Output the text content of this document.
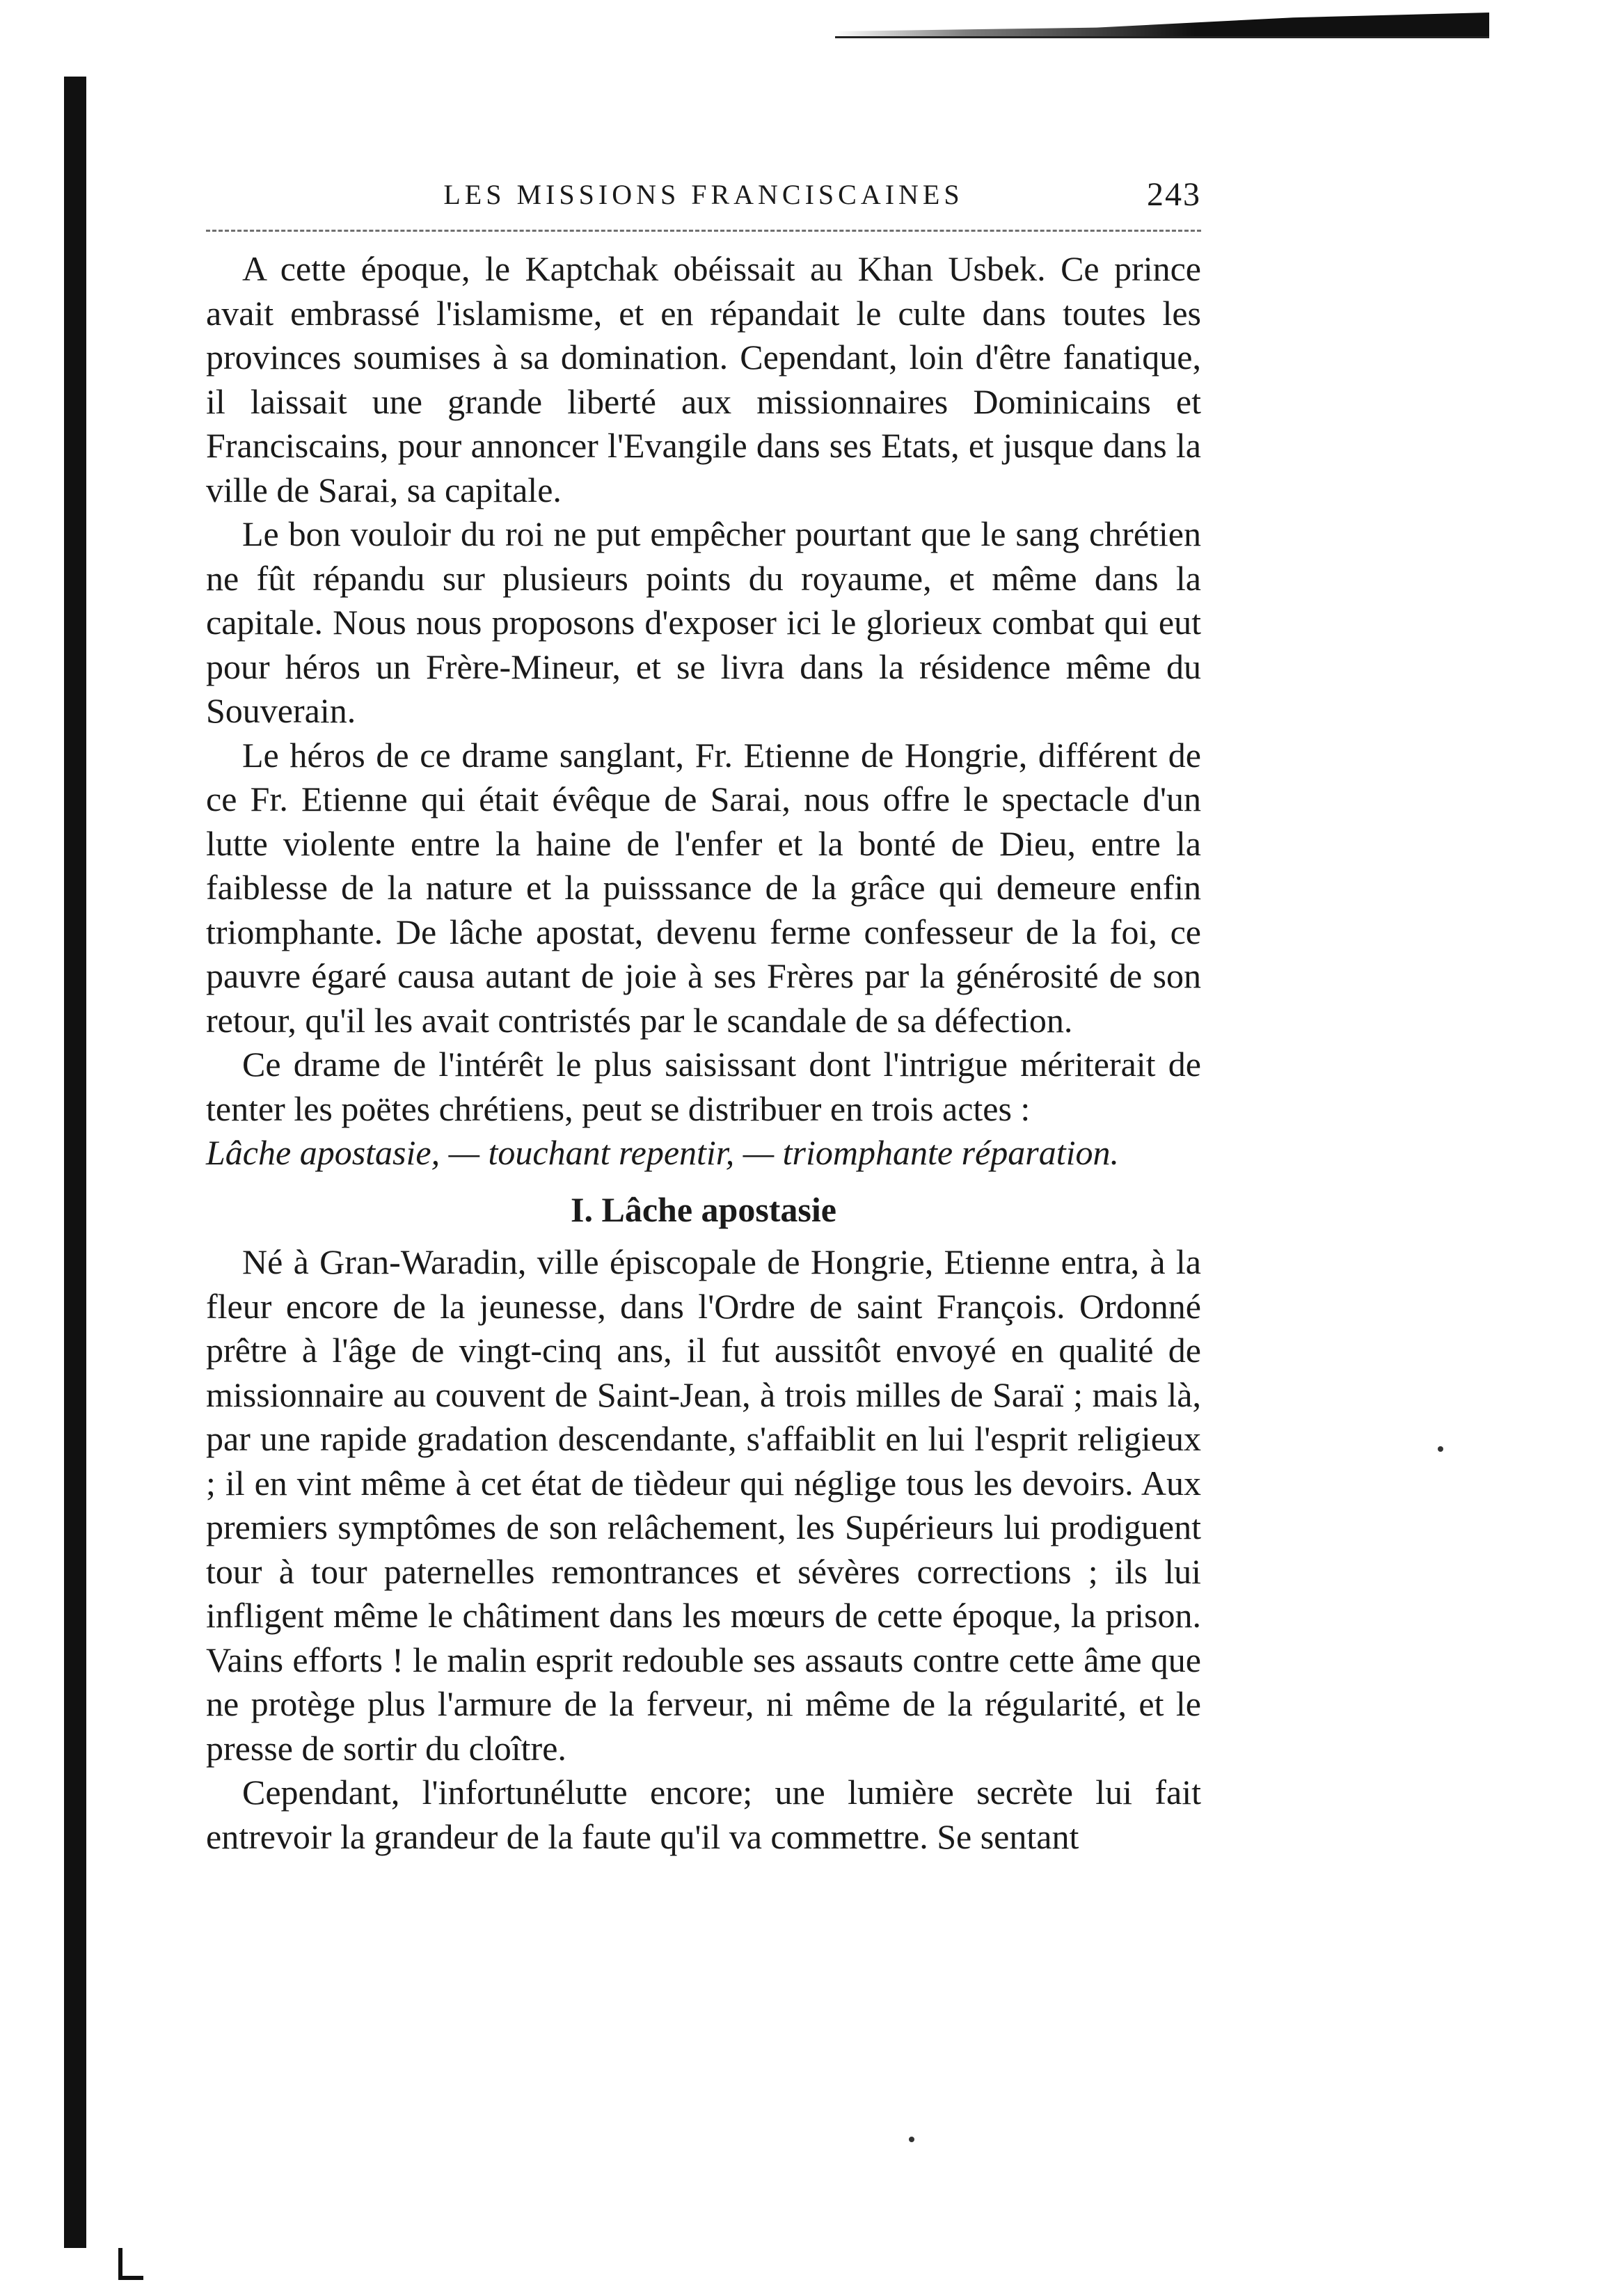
LES MISSIONS FRANCISCAINES	243

A cette époque, le Kaptchak obéissait au Khan Usbek. Ce prince avait embrassé l'islamisme, et en répandait le culte dans toutes les provinces soumises à sa domination. Cependant, loin d'être fanatique, il laissait une grande liberté aux missionnaires Dominicains et Franciscains, pour annoncer l'Evangile dans ses Etats, et jusque dans la ville de Sarai, sa capitale.

Le bon vouloir du roi ne put empêcher pourtant que le sang chrétien ne fût répandu sur plusieurs points du royaume, et même dans la capitale. Nous nous proposons d'exposer ici le glorieux combat qui eut pour héros un Frère-Mineur, et se livra dans la résidence même du Souverain.

Le héros de ce drame sanglant, Fr. Etienne de Hongrie, différent de ce Fr. Etienne qui était évêque de Sarai, nous offre le spectacle d'un lutte violente entre la haine de l'enfer et la bonté de Dieu, entre la faiblesse de la nature et la puisssance de la grâce qui demeure enfin triomphante. De lâche apostat, devenu ferme confesseur de la foi, ce pauvre égaré causa autant de joie à ses Frères par la générosité de son retour, qu'il les avait contristés par le scandale de sa défection.

Ce drame de l'intérêt le plus saisissant dont l'intrigue mériterait de tenter les poëtes chrétiens, peut se distribuer en trois actes :

Lâche apostasie, — touchant repentir, — triomphante réparation.
I. Lâche apostasie

Né à Gran-Waradin, ville épiscopale de Hongrie, Etienne entra, à la fleur encore de la jeunesse, dans l'Ordre de saint François. Ordonné prêtre à l'âge de vingt-cinq ans, il fut aussitôt envoyé en qualité de missionnaire au couvent de Saint-Jean, à trois milles de Saraï ; mais là, par une rapide gradation descendante, s'affaiblit en lui l'esprit religieux ; il en vint même à cet état de tièdeur qui néglige tous les devoirs. Aux premiers symptômes de son relâchement, les Supérieurs lui prodiguent tour à tour paternelles remontrances et sévères corrections ; ils lui infligent même le châtiment dans les mœurs de cette époque, la prison. Vains efforts ! le malin esprit redouble ses assauts contre cette âme que ne protège plus l'armure de la ferveur, ni même de la régularité, et le presse de sortir du cloître.

Cependant, l'infortunélutte encore; une lumière secrète lui fait entrevoir la grandeur de la faute qu'il va commettre. Se sentant
